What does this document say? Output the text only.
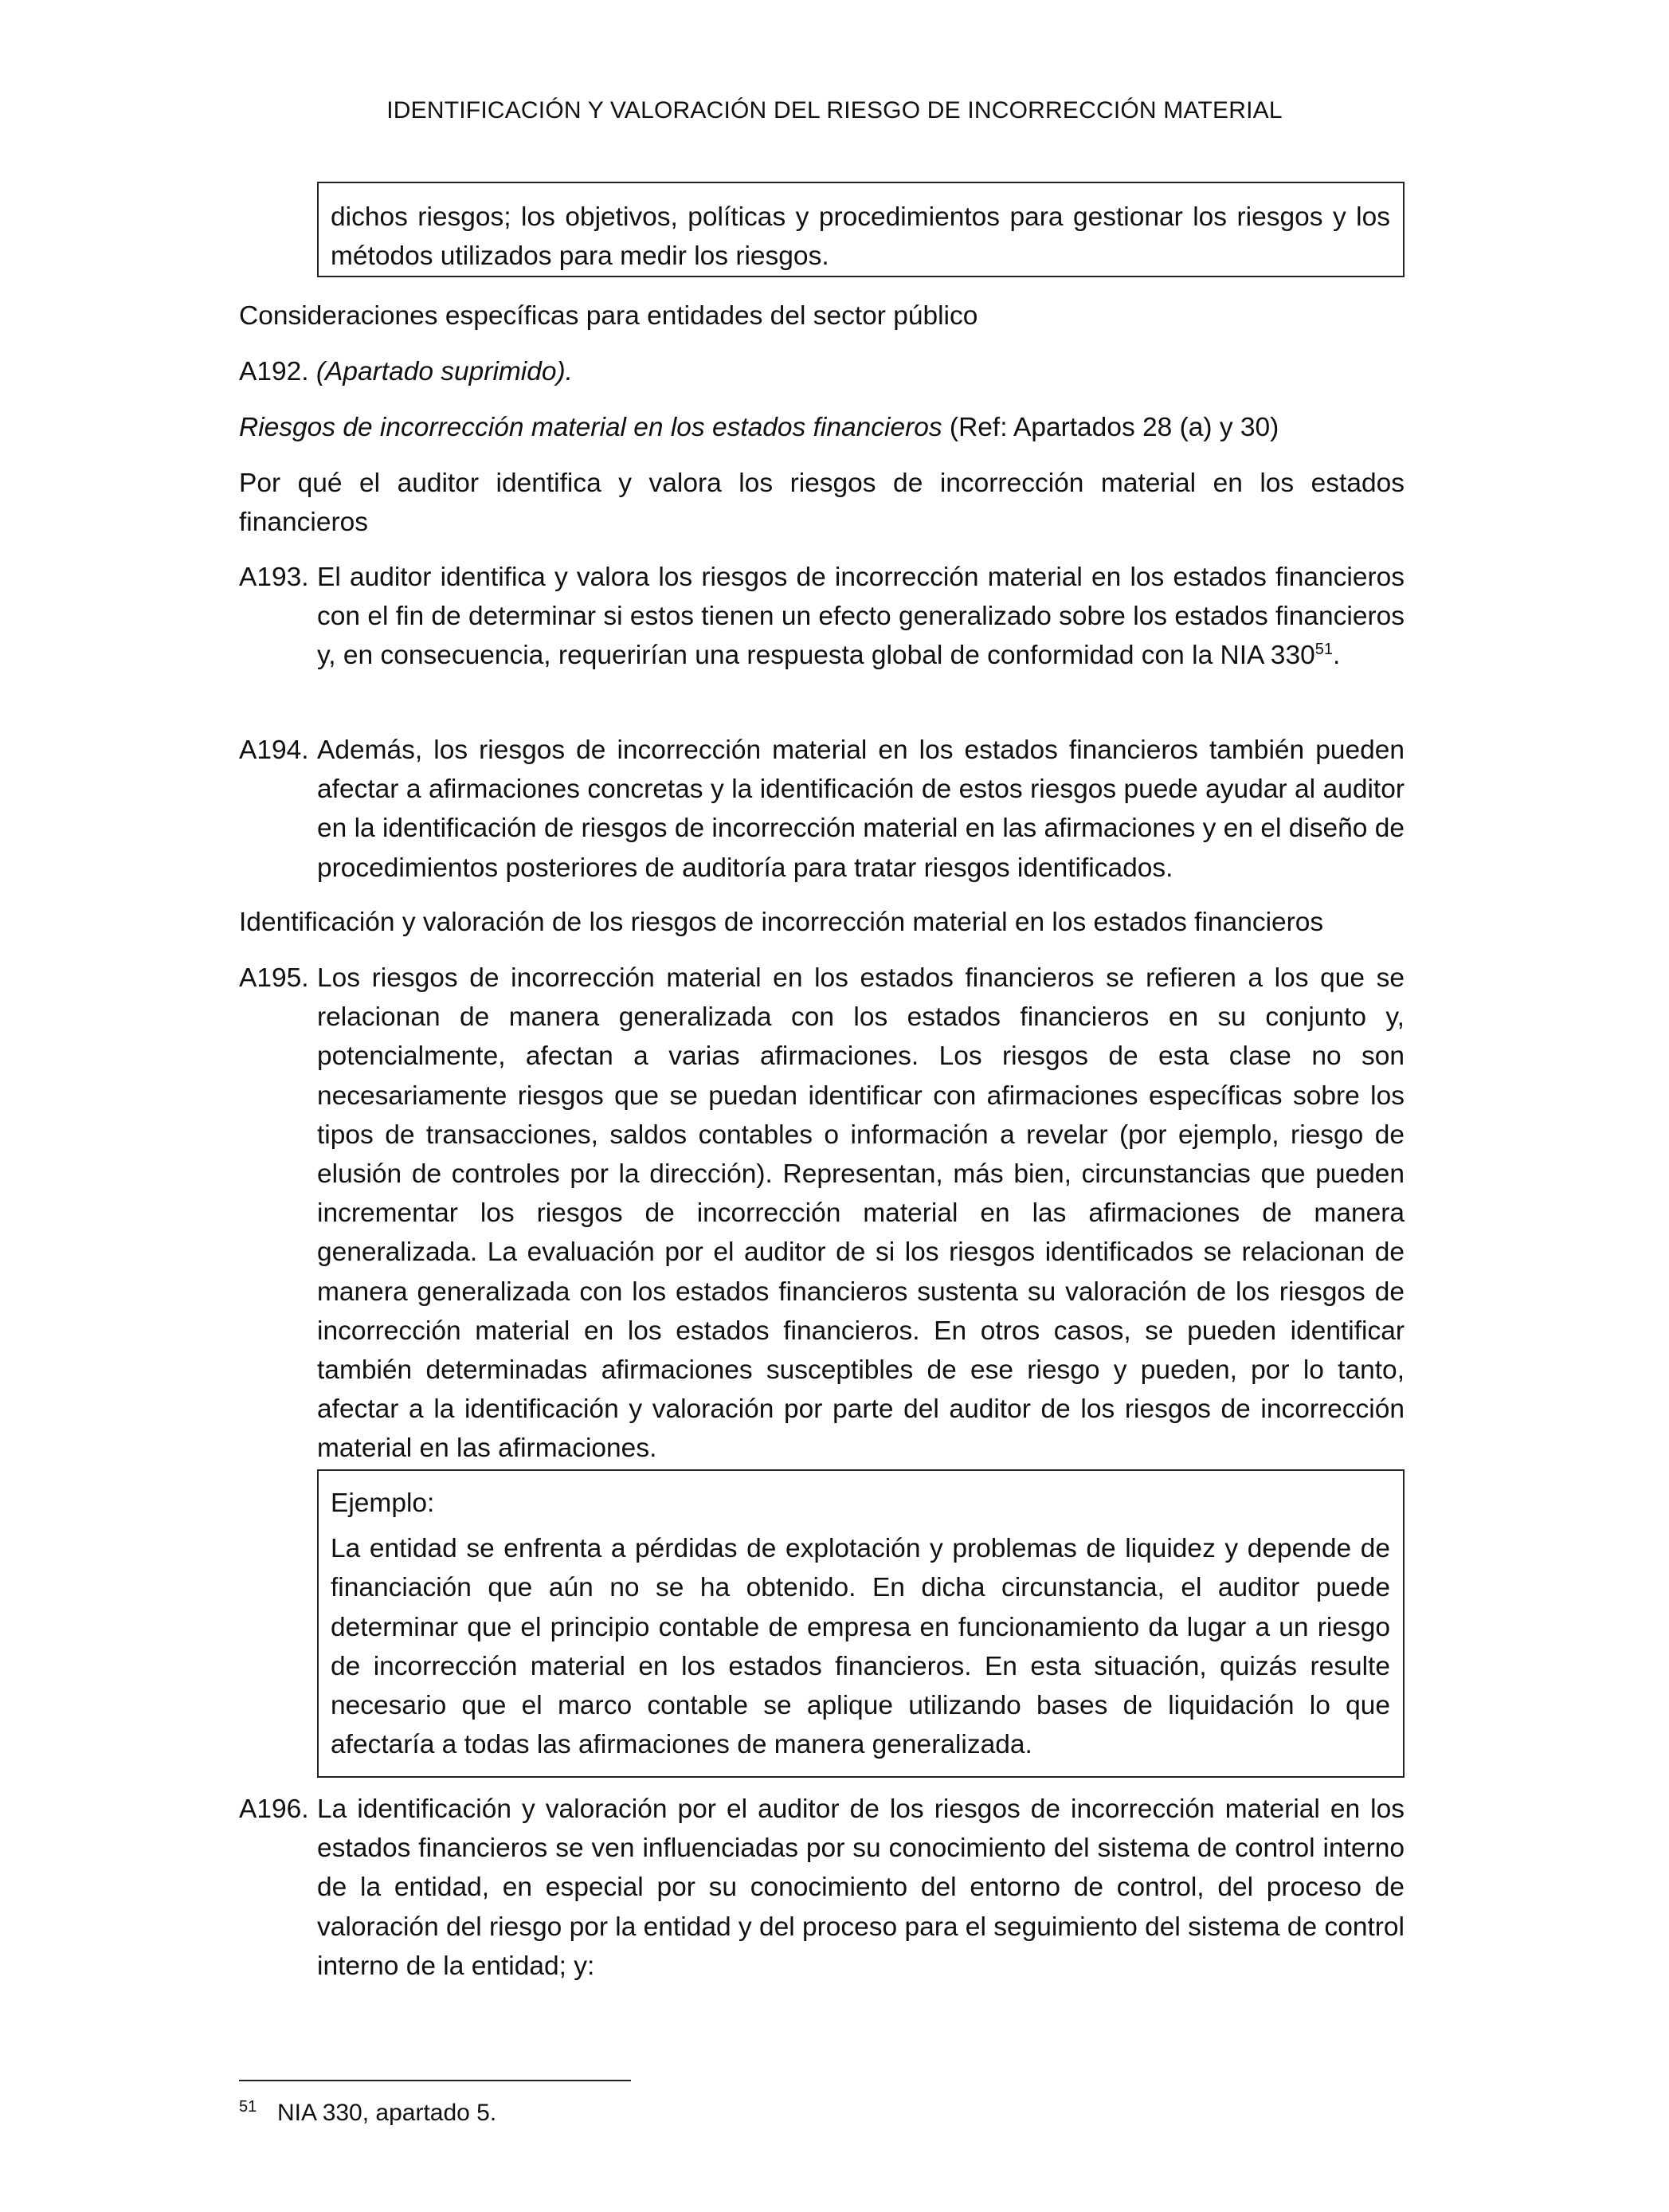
IDENTIFICACIÓN Y VALORACIÓN DEL RIESGO DE INCORRECCIÓN MATERIAL
dichos riesgos; los objetivos, políticas y procedimientos para gestionar los riesgos y los métodos utilizados para medir los riesgos.
Consideraciones específicas para entidades del sector público
A192. (Apartado suprimido).
Riesgos de incorrección material en los estados financieros (Ref: Apartados 28 (a) y 30)
Por qué el auditor identifica y valora los riesgos de incorrección material en los estados financieros
A193. El auditor identifica y valora los riesgos de incorrección material en los estados financieros con el fin de determinar si estos tienen un efecto generalizado sobre los estados financieros y, en consecuencia, requerirían una respuesta global de conformidad con la NIA 330$^{51}$.
A194. Además, los riesgos de incorrección material en los estados financieros también pueden afectar a afirmaciones concretas y la identificación de estos riesgos puede ayudar al auditor en la identificación de riesgos de incorrección material en las afirmaciones y en el diseño de procedimientos posteriores de auditoría para tratar riesgos identificados.
Identificación y valoración de los riesgos de incorrección material en los estados financieros
A195. Los riesgos de incorrección material en los estados financieros se refieren a los que se relacionan de manera generalizada con los estados financieros en su conjunto y, potencialmente, afectan a varias afirmaciones. Los riesgos de esta clase no son necesariamente riesgos que se puedan identificar con afirmaciones específicas sobre los tipos de transacciones, saldos contables o información a revelar (por ejemplo, riesgo de elusión de controles por la dirección). Representan, más bien, circunstancias que pueden incrementar los riesgos de incorrección material en las afirmaciones de manera generalizada. La evaluación por el auditor de si los riesgos identificados se relacionan de manera generalizada con los estados financieros sustenta su valoración de los riesgos de incorrección material en los estados financieros. En otros casos, se pueden identificar también determinadas afirmaciones susceptibles de ese riesgo y pueden, por lo tanto, afectar a la identificación y valoración por parte del auditor de los riesgos de incorrección material en las afirmaciones.
Ejemplo:
La entidad se enfrenta a pérdidas de explotación y problemas de liquidez y depende de financiación que aún no se ha obtenido. En dicha circunstancia, el auditor puede determinar que el principio contable de empresa en funcionamiento da lugar a un riesgo de incorrección material en los estados financieros. En esta situación, quizás resulte necesario que el marco contable se aplique utilizando bases de liquidación lo que afectaría a todas las afirmaciones de manera generalizada.
A196. La identificación y valoración por el auditor de los riesgos de incorrección material en los estados financieros se ven influenciadas por su conocimiento del sistema de control interno de la entidad, en especial por su conocimiento del entorno de control, del proceso de valoración del riesgo por la entidad y del proceso para el seguimiento del sistema de control interno de la entidad; y:
51 NIA 330, apartado 5.
